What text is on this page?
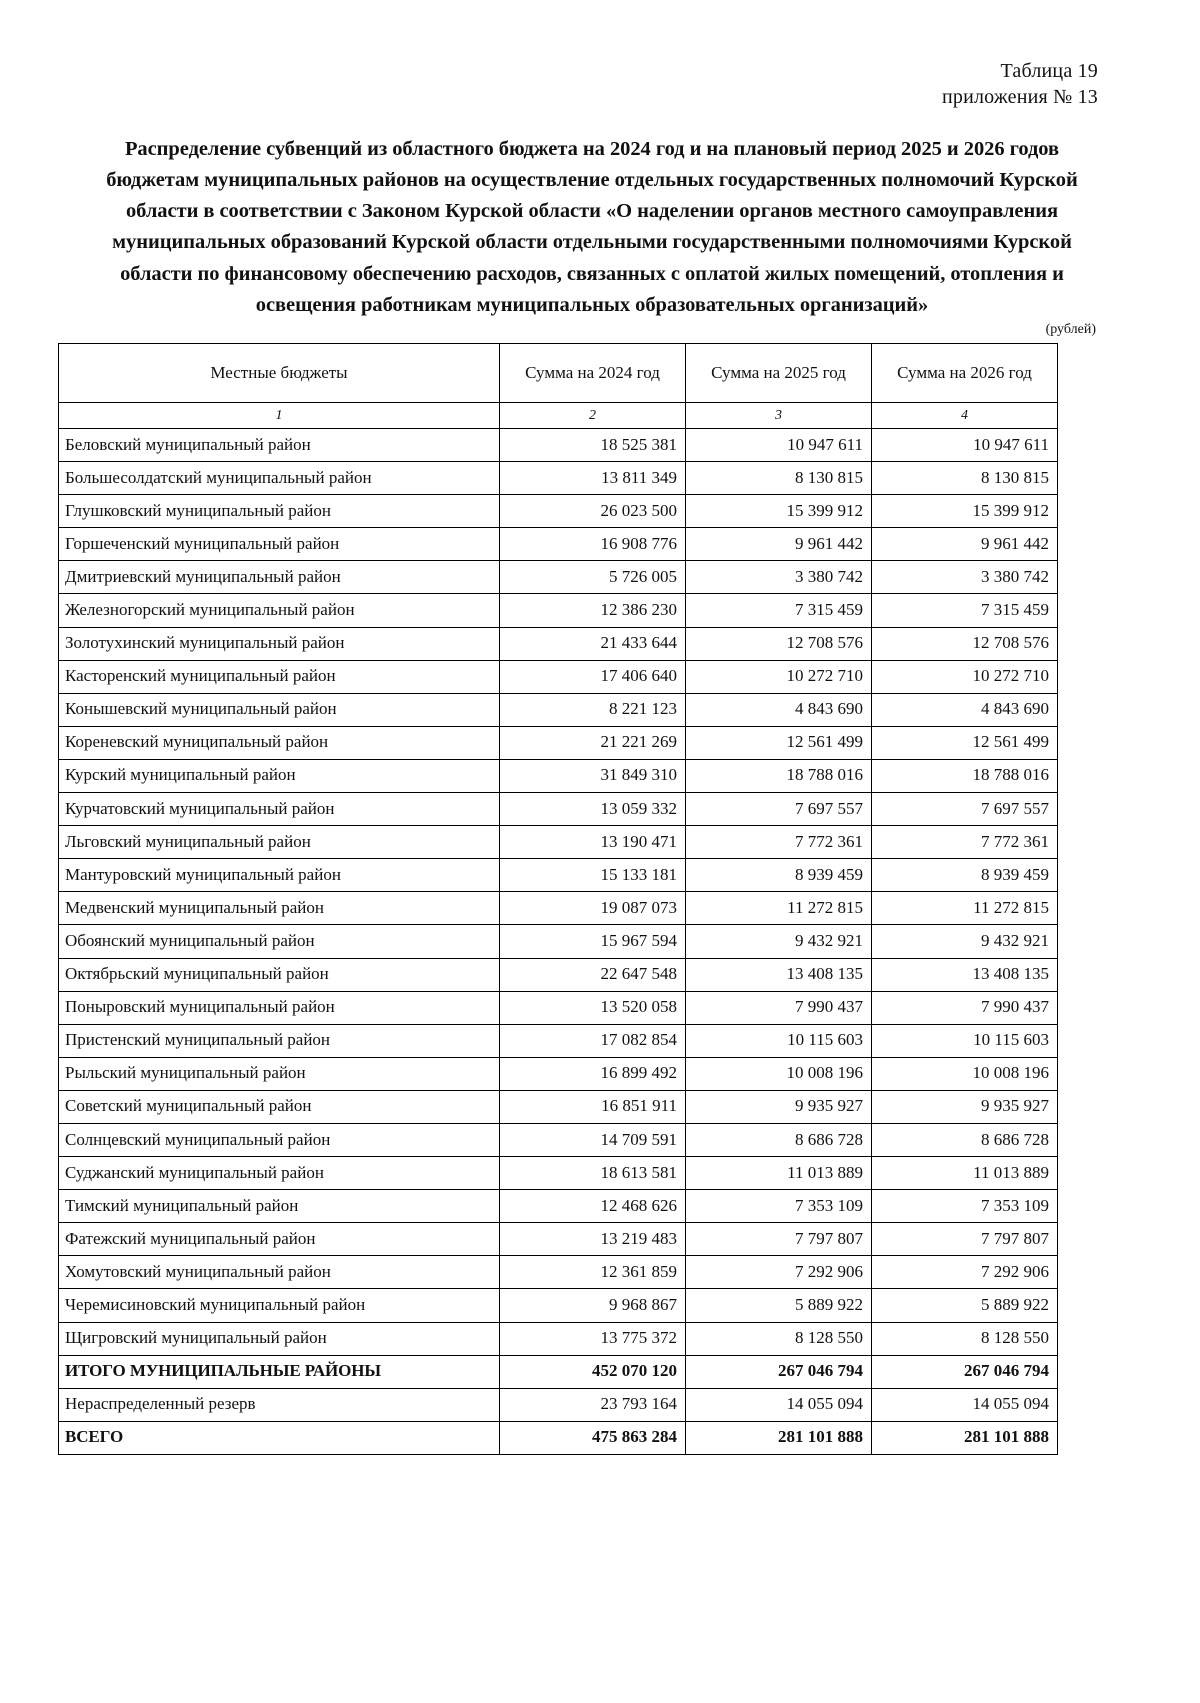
Таблица 19
приложения № 13
Распределение субвенций из областного бюджета на 2024 год и на плановый период 2025 и 2026 годов бюджетам муниципальных районов на осуществление отдельных государственных полномочий Курской области в соответствии с Законом Курской области «О наделении органов местного самоуправления муниципальных образований Курской области отдельными государственными полномочиями Курской области по финансовому обеспечению расходов, связанных с оплатой жилых помещений, отопления и освещения работникам муниципальных образовательных организаций»
(рублей)
Местные бюджеты	Сумма на 2024 год	Сумма на 2025 год	Сумма на 2026 год
1	2	3	4
Беловский муниципальный район	18 525 381	10 947 611	10 947 611
Большесолдатский муниципальный район	13 811 349	8 130 815	8 130 815
Глушковский муниципальный район	26 023 500	15 399 912	15 399 912
Горшеченский муниципальный район	16 908 776	9 961 442	9 961 442
Дмитриевский муниципальный район	5 726 005	3 380 742	3 380 742
Железногорский муниципальный район	12 386 230	7 315 459	7 315 459
Золотухинский муниципальный район	21 433 644	12 708 576	12 708 576
Касторенский муниципальный район	17 406 640	10 272 710	10 272 710
Конышевский муниципальный район	8 221 123	4 843 690	4 843 690
Кореневский муниципальный район	21 221 269	12 561 499	12 561 499
Курский муниципальный район	31 849 310	18 788 016	18 788 016
Курчатовский муниципальный район	13 059 332	7 697 557	7 697 557
Льговский муниципальный район	13 190 471	7 772 361	7 772 361
Мантуровский муниципальный район	15 133 181	8 939 459	8 939 459
Медвенский муниципальный район	19 087 073	11 272 815	11 272 815
Обоянский муниципальный район	15 967 594	9 432 921	9 432 921
Октябрьский муниципальный район	22 647 548	13 408 135	13 408 135
Поныровский муниципальный район	13 520 058	7 990 437	7 990 437
Пристенский муниципальный район	17 082 854	10 115 603	10 115 603
Рыльский муниципальный район	16 899 492	10 008 196	10 008 196
Советский муниципальный район	16 851 911	9 935 927	9 935 927
Солнцевский муниципальный район	14 709 591	8 686 728	8 686 728
Суджанский муниципальный район	18 613 581	11 013 889	11 013 889
Тимский муниципальный район	12 468 626	7 353 109	7 353 109
Фатежский муниципальный район	13 219 483	7 797 807	7 797 807
Хомутовский муниципальный район	12 361 859	7 292 906	7 292 906
Черемисиновский муниципальный район	9 968 867	5 889 922	5 889 922
Щигровский муниципальный район	13 775 372	8 128 550	8 128 550
ИТОГО МУНИЦИПАЛЬНЫЕ РАЙОНЫ	452 070 120	267 046 794	267 046 794
Нераспределенный резерв	23 793 164	14 055 094	14 055 094
ВСЕГО	475 863 284	281 101 888	281 101 888
